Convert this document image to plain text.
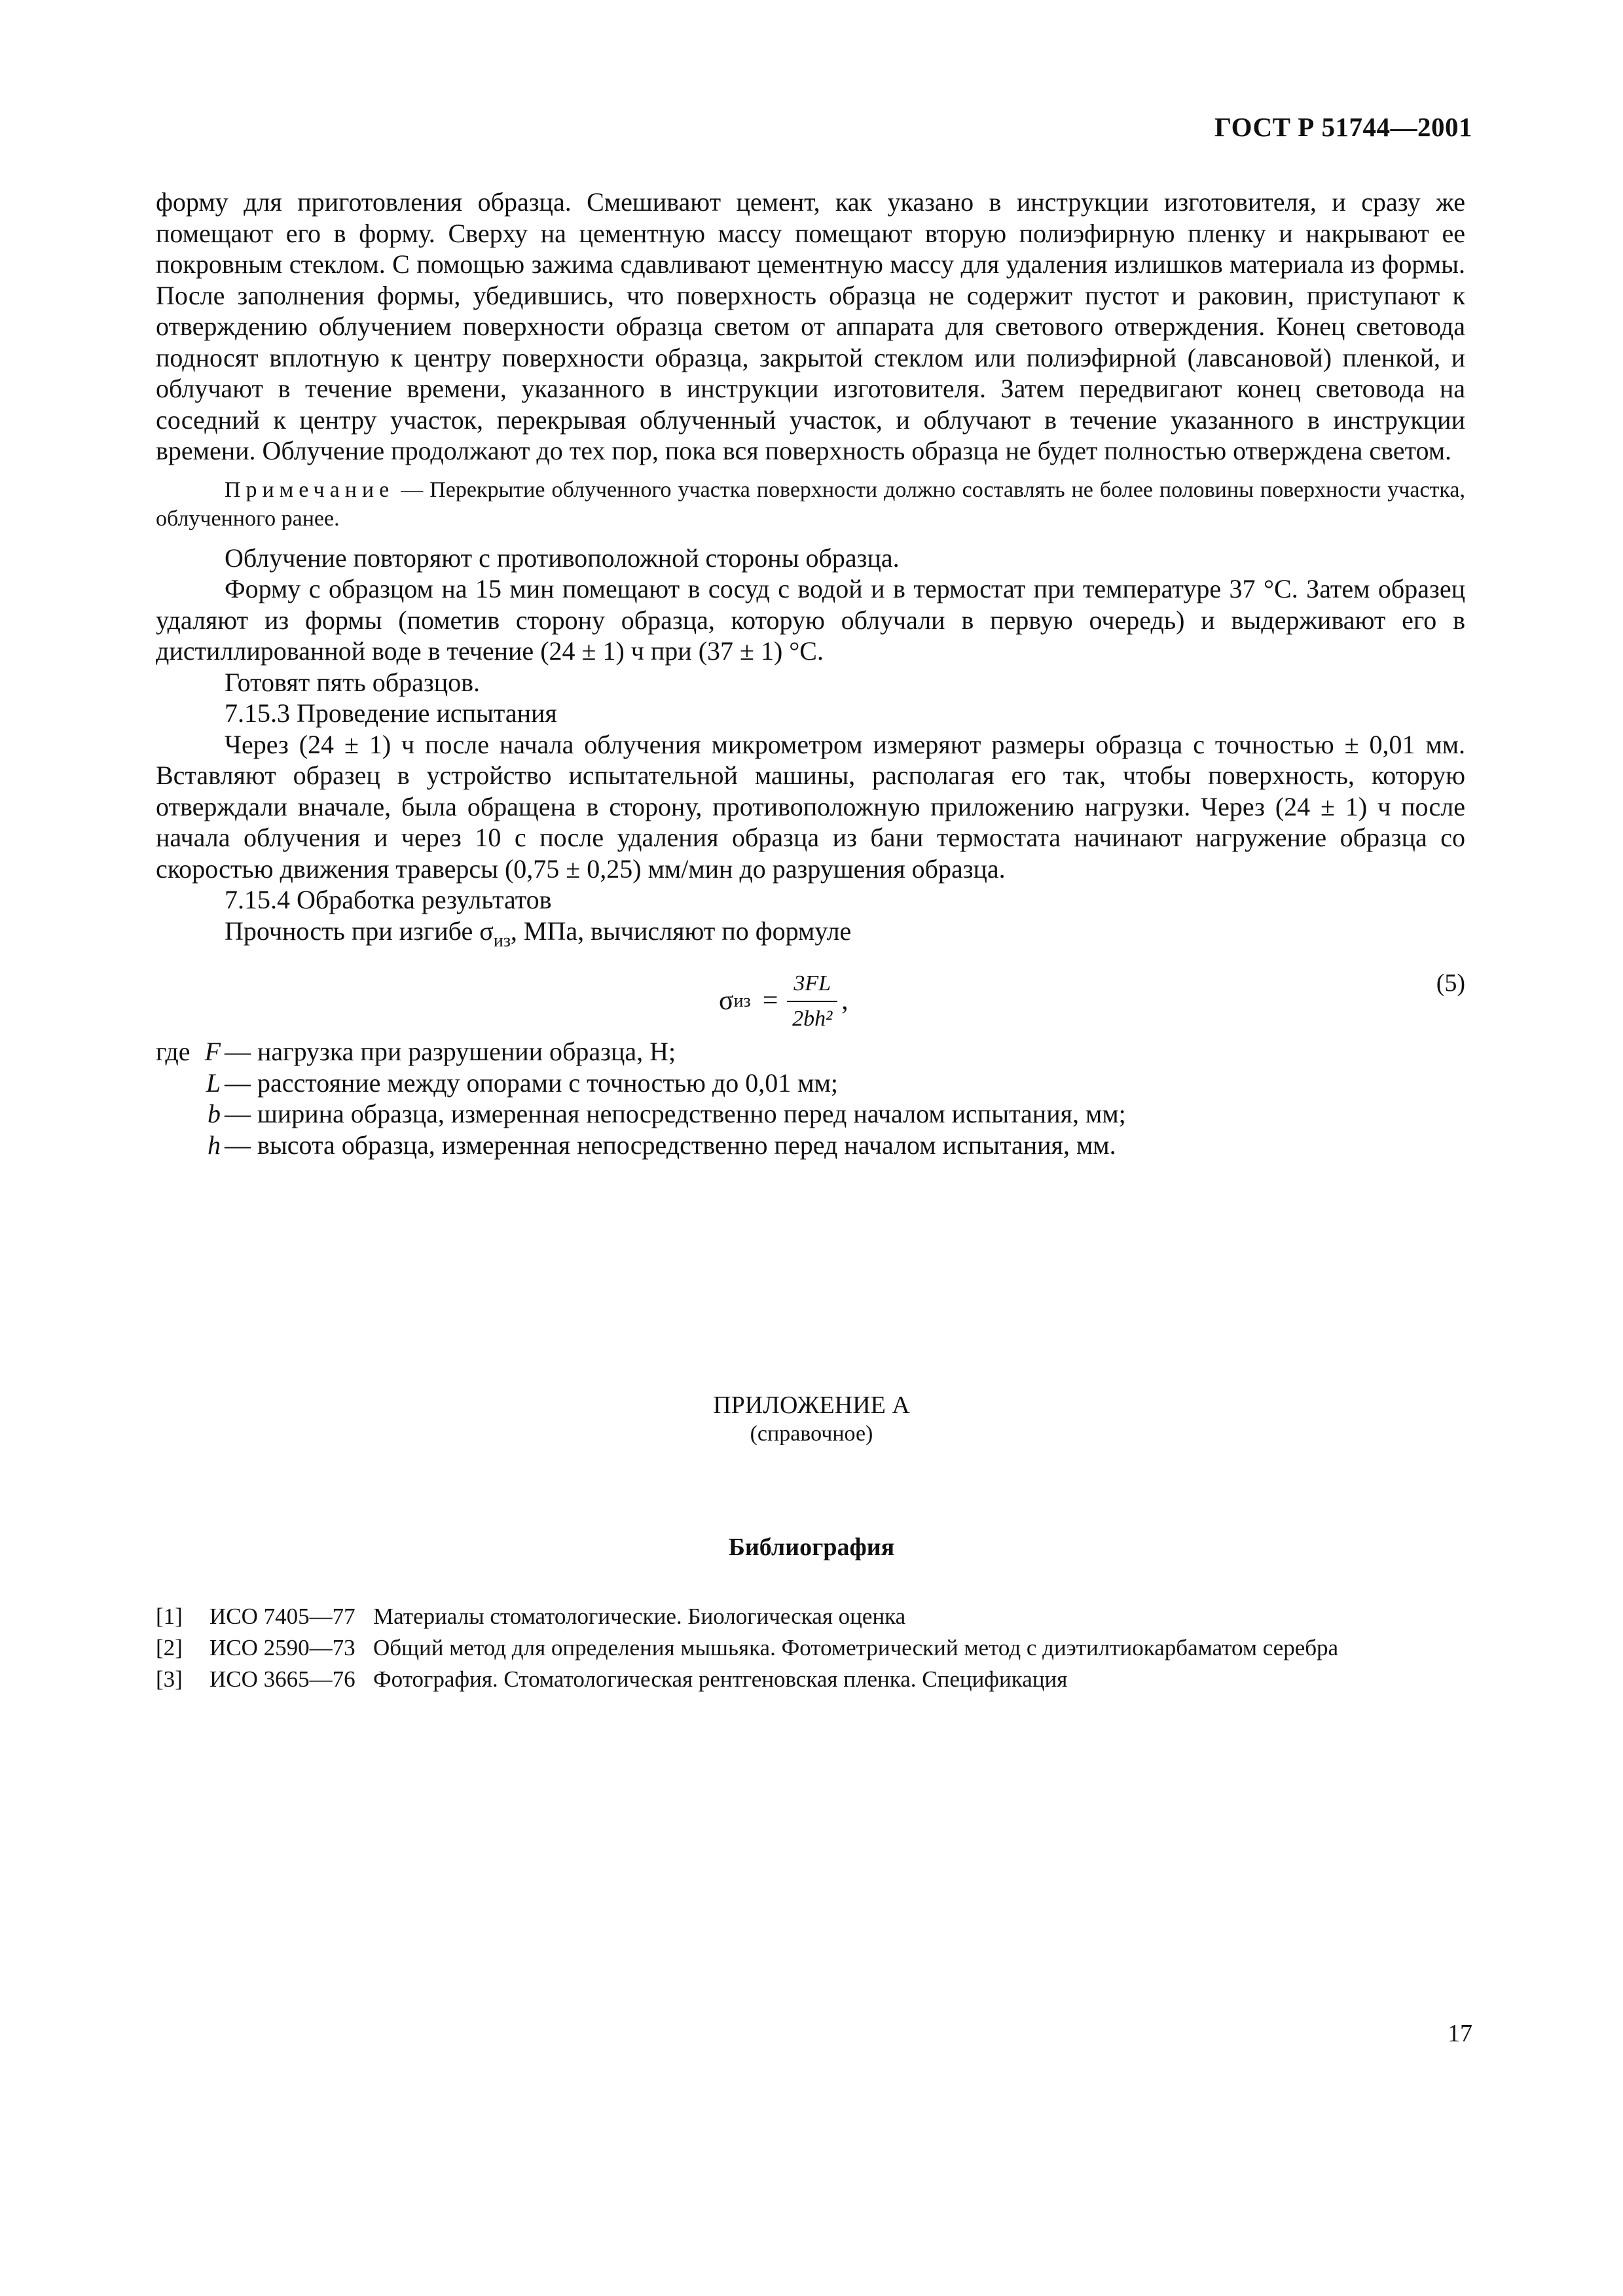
ГОСТ Р 51744—2001

форму для приготовления образца. Смешивают цемент, как указано в инструкции изготовителя, и сразу же помещают его в форму. Сверху на цементную массу помещают вторую полиэфирную пленку и накрывают ее покровным стеклом. С помощью зажима сдавливают цементную массу для удаления излишков материала из формы. После заполнения формы, убедившись, что поверхность образца не содержит пустот и раковин, приступают к отверждению облучением поверхности образца светом от аппарата для светового отверждения. Конец световода подносят вплотную к центру поверхности образца, закрытой стеклом или полиэфирной (лавсановой) пленкой, и облучают в течение времени, указанного в инструкции изготовителя. Затем передвигают конец световода на соседний к центру участок, перекрывая облученный участок, и облучают в течение указанного в инструкции времени. Облучение продолжают до тех пор, пока вся поверхность образца не будет полностью отверждена светом.

Примечание — Перекрытие облученного участка поверхности должно составлять не более половины поверхности участка, облученного ранее.

Облучение повторяют с противоположной стороны образца.

Форму с образцом на 15 мин помещают в сосуд с водой и в термостат при температуре 37 °С. Затем образец удаляют из формы (пометив сторону образца, которую облучали в первую очередь) и выдерживают его в дистиллированной воде в течение (24 ± 1) ч при (37 ± 1) °С.

Готовят пять образцов.

7.15.3 Проведение испытания

Через (24 ± 1) ч после начала облучения микрометром измеряют размеры образца с точностью ± 0,01 мм. Вставляют образец в устройство испытательной машины, располагая его так, чтобы поверхность, которую отверждали вначале, была обращена в сторону, противоположную приложению нагрузки. Через (24 ± 1) ч после начала облучения и через 10 с после удаления образца из бани термостата начинают нагружение образца со скоростью движения траверсы (0,75 ± 0,25) мм/мин до разрушения образца.

7.15.4 Обработка результатов

Прочность при изгибе $\sigma_{из}$, МПа, вычисляют по формуле

σ из = $\frac{3FL}{\text{2bh²}}$ ,
(5)
где F — нагрузка при разрушении образца, Н;
L — расстояние между опорами с точностью до 0,01 мм;
b — ширина образца, измеренная непосредственно перед началом испытания, мм;
h — высота образца, измеренная непосредственно перед началом испытания, мм.
ПРИЛОЖЕНИЕ А
(справочное)
Библиография
[1]	ИСО 7405—77 Материалы стоматологические. Биологическая оценка
[2]	ИСО 2590—73 Общий метод для определения мышьяка. Фотометрический метод с диэтилтиокарбаматом серебра
[3]	ИСО 3665—76 Фотография. Стоматологическая рентгеновская пленка. Спецификация
17
